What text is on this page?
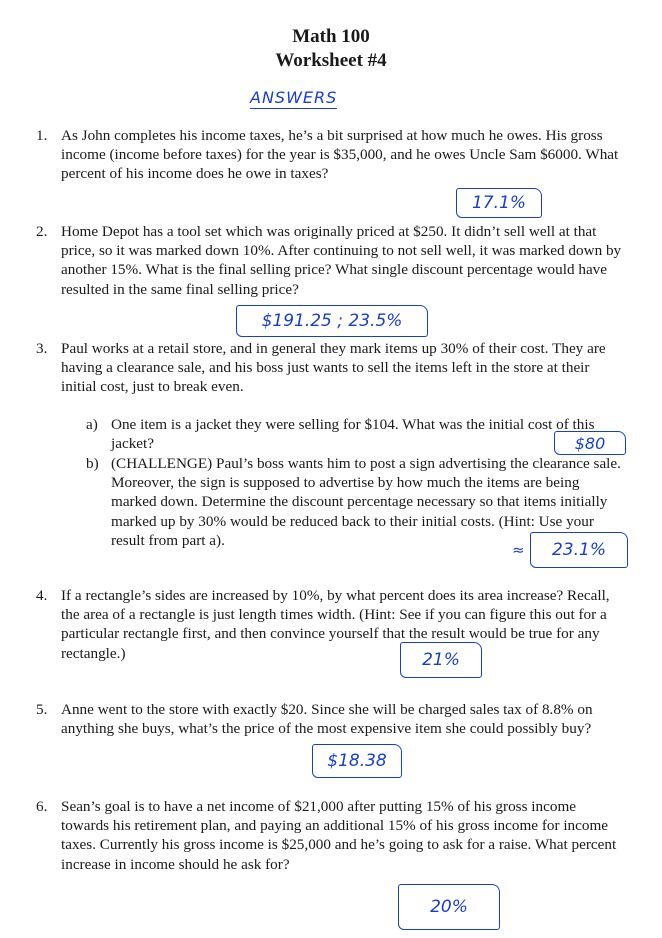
Math 100
Worksheet #4
ANSWERS
1. As John completes his income taxes, he’s a bit surprised at how much he owes. His gross income (income before taxes) for the year is $35,000, and he owes Uncle Sam $6000. What percent of his income does he owe in taxes?
17.1%
2. Home Depot has a tool set which was originally priced at $250. It didn’t sell well at that price, so it was marked down 10%. After continuing to not sell well, it was marked down by another 15%. What is the final selling price? What single discount percentage would have resulted in the same final selling price?
$191.25 ; 23.5%
3. Paul works at a retail store, and in general they mark items up 30% of their cost. They are having a clearance sale, and his boss just wants to sell the items left in the store at their initial cost, just to break even.
a) One item is a jacket they were selling for $104. What was the initial cost of this jacket?	$80
b) (CHALLENGE) Paul’s boss wants him to post a sign advertising the clearance sale. Moreover, the sign is supposed to advertise by how much the items are being marked down. Determine the discount percentage necessary so that items initially marked up by 30% would be reduced back to their initial costs. (Hint: Use your result from part a).
≈	23.1%
4. If a rectangle’s sides are increased by 10%, by what percent does its area increase? Recall, the area of a rectangle is just length times width. (Hint: See if you can figure this out for a particular rectangle first, and then convince yourself that the result would be true for any rectangle.)	21%
5. Anne went to the store with exactly $20. Since she will be charged sales tax of 8.8% on anything she buys, what’s the price of the most expensive item she could possibly buy?
$18.38
6. Sean’s goal is to have a net income of $21,000 after putting 15% of his gross income towards his retirement plan, and paying an additional 15% of his gross income for income taxes. Currently his gross income is $25,000 and he’s going to ask for a raise. What percent increase in income should he ask for?
20%
